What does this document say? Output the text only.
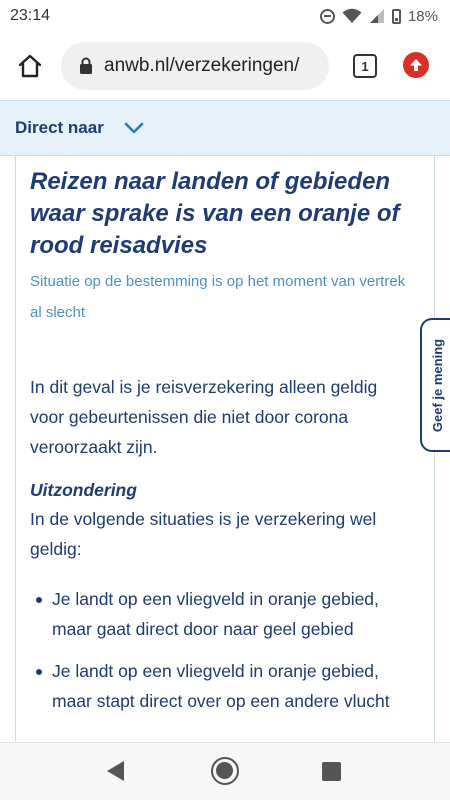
23:14	18%
anwb.nl/verzekeringen/	1
Direct naar
Reizen naar landen of gebieden waar sprake is van een oranje of rood reisadvies

Situatie op de bestemming is op het moment van vertrek al slecht

In dit geval is je reisverzekering alleen geldig voor gebeurtenissen die niet door corona veroorzaakt zijn.

Uitzondering

In de volgende situaties is je verzekering wel geldig:

Je landt op een vliegveld in oranje gebied, maar gaat direct door naar geel gebied
Je landt op een vliegveld in oranje gebied, maar stapt direct over op een andere vlucht
Geef je mening
